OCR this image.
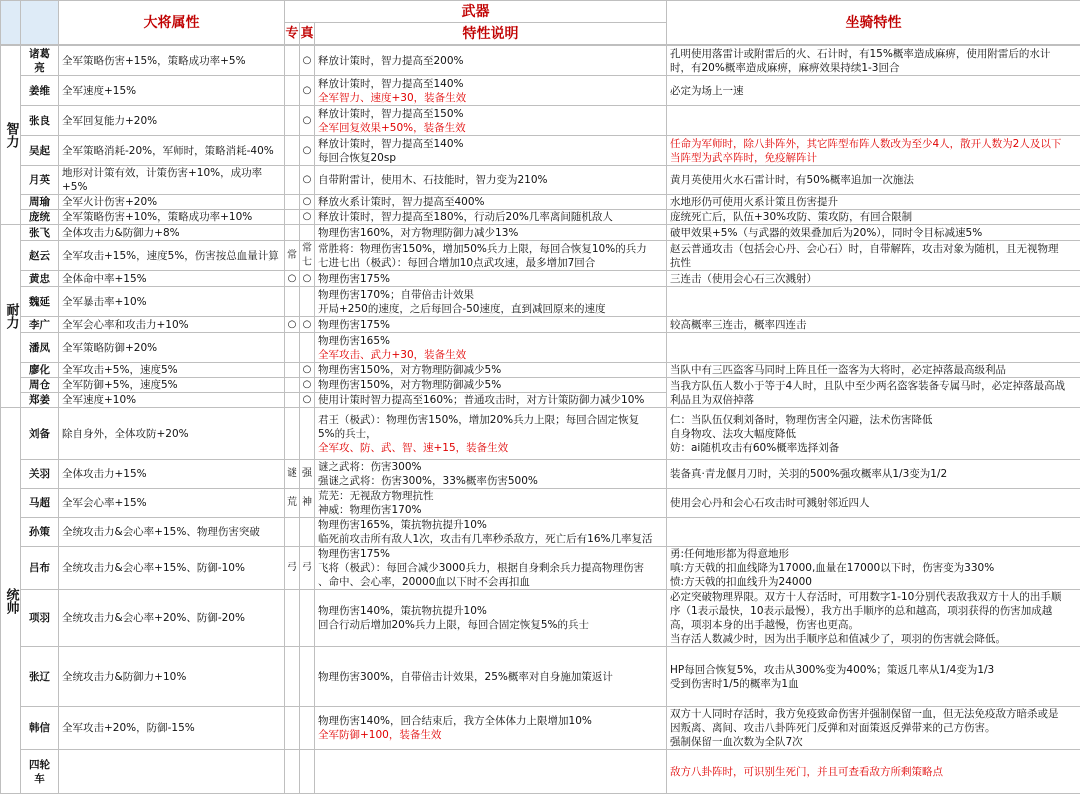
		大将属性	武器			坐骑特性
			专	真	特性说明	
智力	诸葛亮	全军策略伤害+15%，策略成功率+5%		○	释放计策时，智力提高至200%	孔明使用落雷计或附雷后的火、石计时，有15%概率造成麻痹，使用附雷后的水计
时，有20%概率造成麻痹，麻痹效果持续1-3回合

	姜维	全军速度+15%		○	释放计策时，智力提高至140%
全军智力、速度+30，装备生效	必定为场上一速

	张良	全军回复能力+20%		○	释放计策时，智力提高至150%
全军回复效果+50%，装备生效	

	吴起	全军策略消耗-20%，军师时，策略消耗-40%		○	释放计策时，智力提高至140%
每回合恢复20sp	任命为军师时，除八卦阵外，其它阵型布阵人数改为至少4人，散开人数为2人及以下
当阵型为武卒阵时，免疫解阵计

	月英	地形对计策有效，计策伤害+10%，成功率+5%		○	自带附雷计，使用木、石技能时，智力变为210%	黄月英使用火水石雷计时，有50%概率追加一次施法

	周瑜	全军火计伤害+20%		○	释放火系计策时，智力提高至400%	水地形仍可使用火系计策且伤害提升

	庞统	全军策略伤害+10%，策略成功率+10%		○	释放计策时，智力提高至180%，行动后20%几率离间随机敌人	庞统死亡后，队伍+30%攻防、策攻防，有回合限制

耐力	张飞	全体攻击力&防御力+8%			物理伤害160%，对方物理防御力减少13%	破甲效果+5%（与武器的效果叠加后为20%），同时令目标减速5%

	赵云	全军攻击+15%，速度5%，伤害按总血量计算	常	常七	常胜将：物理伤害150%，增加50%兵力上限，每回合恢复10%的兵力
七进七出（极武）：每回合增加10点武攻速，最多增加7回合	赵云普通攻击（包括会心丹、会心石）时，自带解阵，攻击对象为随机，且无视物理
抗性

	黄忠	全体命中率+15%	○	○	物理伤害175%	三连击（使用会心石三次溅射）

	魏延	全军暴击率+10%			物理伤害170%；自带倍击计效果
开局+250的速度，之后每回合-50速度，直到减回原来的速度	

	李广	全军会心率和攻击力+10%	○	○	物理伤害175%	较高概率三连击，概率四连击

	潘凤	全军策略防御+20%			物理伤害165%
全军攻击、武力+30，装备生效	

	廖化	全军攻击+5%，速度5%		○	物理伤害150%，对方物理防御减少5%	当队中有三匹盗客马同时上阵且任一盗客为大将时，必定掉落最高级利品

	周仓	全军防御+5%，速度5%		○	物理伤害150%，对方物理防御减少5%	当我方队伍人数小于等于4人时，且队中至少两名盗客装备专属马时，必定掉落最高战
利品且为双倍掉落

	郑姜	全军速度+10%		○	使用计策时智力提高至160%；普通攻击时，对方计策防御力减少10%	

统帅	刘备	除自身外，全体攻防+20%			君王（极武）：物理伤害150%，增加20%兵力上限；每回合固定恢复
5%的兵士，
全军攻、防、武、智、速+15，装备生效	仁：当队伍仅剩刘备时，物理伤害全闪避，法术伤害降低
自身物攻、法攻大幅度降低
妨：ai随机攻击有60%概率选择刘备

	关羽	全体攻击力+15%	谜	强	谜之武将：伤害300%
强谜之武将：伤害300%，33%概率伤害500%	装备真·青龙偃月刀时，关羽的500%强攻概率从1/3变为1/2

	马超	全军会心率+15%	荒	神	荒芜：无视敌方物理抗性
神威：物理伤害170%	使用会心丹和会心石攻击时可溅射邻近四人

	孙策	全统攻击力&会心率+15%、物理伤害突破			物理伤害165%，策抗物抗提升10%
临死前攻击所有敌人1次，攻击有几率秒杀敌方，死亡后有16%几率复活	

	吕布	全统攻击力&会心率+15%、防御-10%	弓	弓	物理伤害175%
飞将（极武）：每回合减少3000兵力，根据自身剩余兵力提高物理伤害
、命中、会心率，20000血以下时不会再扣血	勇:任何地形都为得意地形
嗔:方天戟的扣血线降为17000,血量在17000以下时，伤害变为330%
愤:方天戟的扣血线升为24000

	项羽	全统攻击力&会心率+20%、防御-20%			物理伤害140%，策抗物抗提升10%
回合行动后增加20%兵力上限，每回合固定恢复5%的兵士	必定突破物理界限。双方十人存活时，可用数字1-10分别代表敌我双方十人的出手顺
序（1表示最快，10表示最慢），我方出手顺序的总和越高，项羽获得的伤害加成越
高，项羽本身的出手越慢，伤害也更高。
当存活人数减少时，因为出手顺序总和值减少了，项羽的伤害就会降低。

	张辽	全统攻击力&防御力+10%			物理伤害300%，自带倍击计效果，25%概率对自身施加策返计	HP每回合恢复5%，攻击从300%变为400%；策返几率从1/4变为1/3
受到伤害时1/5的概率为1血

	韩信	全军攻击+20%，防御-15%			物理伤害140%，回合结束后，我方全体体力上限增加10%
全军防御+100，装备生效	双方十人同时存活时，我方免疫致命伤害并强制保留一血，但无法免疫敌方暗杀或是
因叛离、离间、攻击八卦阵死门反弹和对面策返反弹带来的己方伤害。
强制保留一血次数为全队7次

	四轮车					敌方八卦阵时，可识别生死门，并且可查看敌方所剩策略点
